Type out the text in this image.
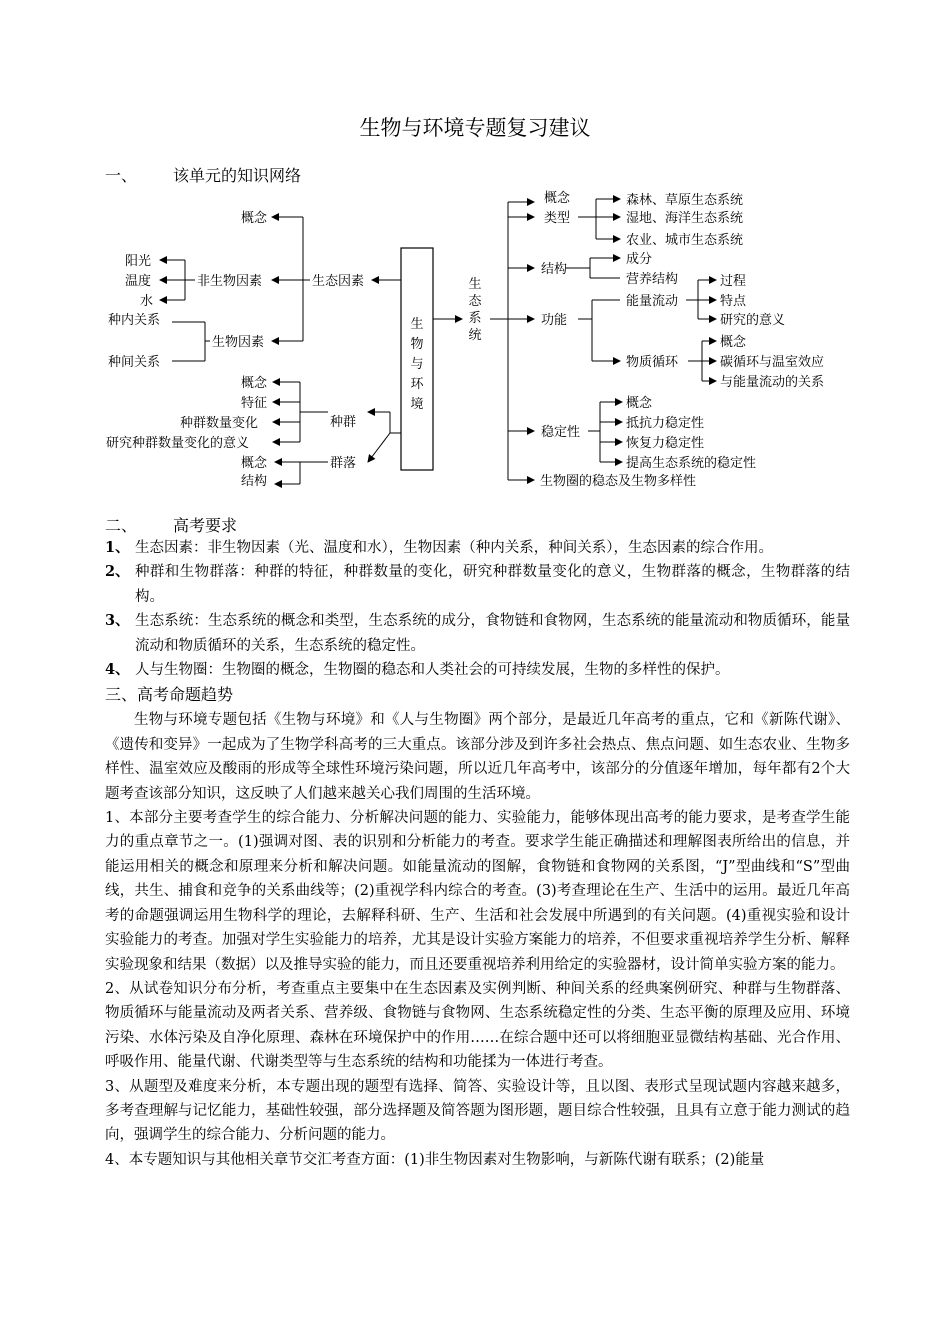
生物与环境专题复习建议
一、 该单元的知识网络
生
物
与
环
境
概念
生态因素
非生物因素
阳光
温度
水
种内关系
种间关系
生物因素
概念
特征
种群数量变化
研究种群数量变化的意义
种群
群落
概念
结构
生
态
系
统
概念
类型
森林、草原生态系统
湿地、海洋生态系统
农业、城市生态系统
结构
成分
营养结构
能量流动
过程
特点
研究的意义
功能
物质循环
概念
碳循环与温室效应
与能量流动的关系
稳定性
概念
抵抗力稳定性
恢复力稳定性
提高生态系统的稳定性
生物圈的稳态及生物多样性
二、 高考要求
1、 生态因素：非生物因素（光、温度和水），生物因素（种内关系，种间关系），生态因素的综合作用。

2、 种群和生物群落：种群的特征，种群数量的变化，研究种群数量变化的意义，生物群落的概念，生物群落的结构。

3、 生态系统：生态系统的概念和类型，生态系统的成分，食物链和食物网，生态系统的能量流动和物质循环，能量流动和物质循环的关系，生态系统的稳定性。

4、 人与生物圈：生物圈的概念，生物圈的稳态和人类社会的可持续发展，生物的多样性的保护。

三、高考命题趋势

生物与环境专题包括《生物与环境》和《人与生物圈》两个部分，是最近几年高考的重点，它和《新陈代谢》、《遗传和变异》一起成为了生物学科高考的三大重点。该部分涉及到许多社会热点、焦点问题、如生态农业、生物多样性、温室效应及酸雨的形成等全球性环境污染问题，所以近几年高考中，该部分的分值逐年增加，每年都有2个大题考查该部分知识，这反映了人们越来越关心我们周围的生活环境。

1、本部分主要考查学生的综合能力、分析解决问题的能力、实验能力，能够体现出高考的能力要求，是考查学生能力的重点章节之一。(1)强调对图、表的识别和分析能力的考查。要求学生能正确描述和理解图表所给出的信息，并能运用相关的概念和原理来分析和解决问题。如能量流动的图解，食物链和食物网的关系图，“J”型曲线和“S”型曲线，共生、捕食和竞争的关系曲线等；(2)重视学科内综合的考查。(3)考查理论在生产、生活中的运用。最近几年高考的命题强调运用生物科学的理论，去解释科研、生产、生活和社会发展中所遇到的有关问题。(4)重视实验和设计实验能力的考查。加强对学生实验能力的培养，尤其是设计实验方案能力的培养，不但要求重视培养学生分析、解释实验现象和结果（数据）以及推导实验的能力，而且还要重视培养利用给定的实验器材，设计简单实验方案的能力。

2、从试卷知识分布分析，考查重点主要集中在生态因素及实例判断、种间关系的经典案例研究、种群与生物群落、物质循环与能量流动及两者关系、营养级、食物链与食物网、生态系统稳定性的分类、生态平衡的原理及应用、环境污染、水体污染及自净化原理、森林在环境保护中的作用……在综合题中还可以将细胞亚显微结构基础、光合作用、呼吸作用、能量代谢、代谢类型等与生态系统的结构和功能揉为一体进行考查。

3、从题型及难度来分析，本专题出现的题型有选择、简答、实验设计等，且以图、表形式呈现试题内容越来越多，多考查理解与记忆能力，基础性较强，部分选择题及简答题为图形题，题目综合性较强，且具有立意于能力测试的趋向，强调学生的综合能力、分析问题的能力。

4、本专题知识与其他相关章节交汇考查方面：(1)非生物因素对生物影响，与新陈代谢有联系；(2)能量
